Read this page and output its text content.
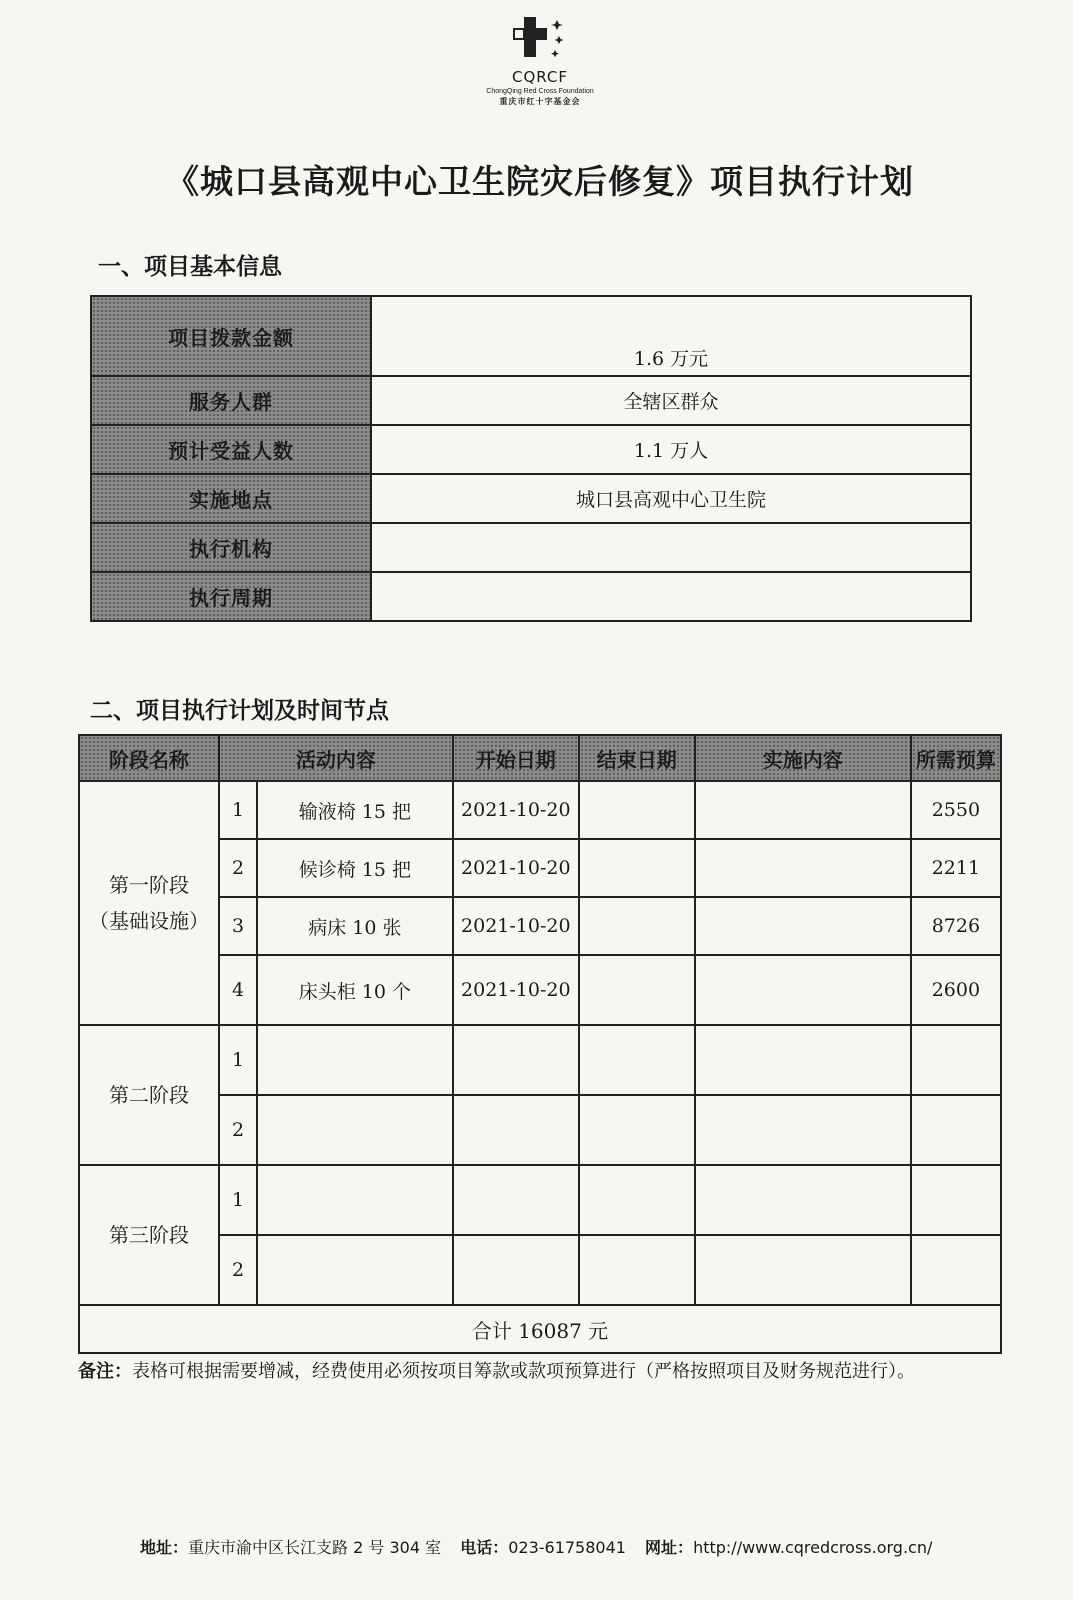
CQRCF
ChongQing Red Cross Foundation
重庆市红十字基金会
《城口县高观中心卫生院灾后修复》项目执行计划
一、项目基本信息
项目拨款金额	1.6 万元
服务人群	全辖区群众
预计受益人数	1.1 万人
实施地点	城口县高观中心卫生院
执行机构	
执行周期	
二、项目执行计划及时间节点
阶段名称	活动内容		开始日期	结束日期	实施内容	所需预算
第一阶段
（基础设施）	1	输液椅 15 把	2021-10-20			2550
	2	候诊椅 15 把	2021-10-20			2211
	3	病床 10 张	2021-10-20			8726
	4	床头柜 10 个	2021-10-20			2600
第二阶段	1					
	2					
第三阶段	1					
	2					
合计 16087 元						
备注：表格可根据需要增减，经费使用必须按项目筹款或款项预算进行（严格按照项目及财务规范进行）。
地址：重庆市渝中区长江支路 2 号 304 室 电话：023-61758041 网址：http://www.cqredcross.org.cn/
